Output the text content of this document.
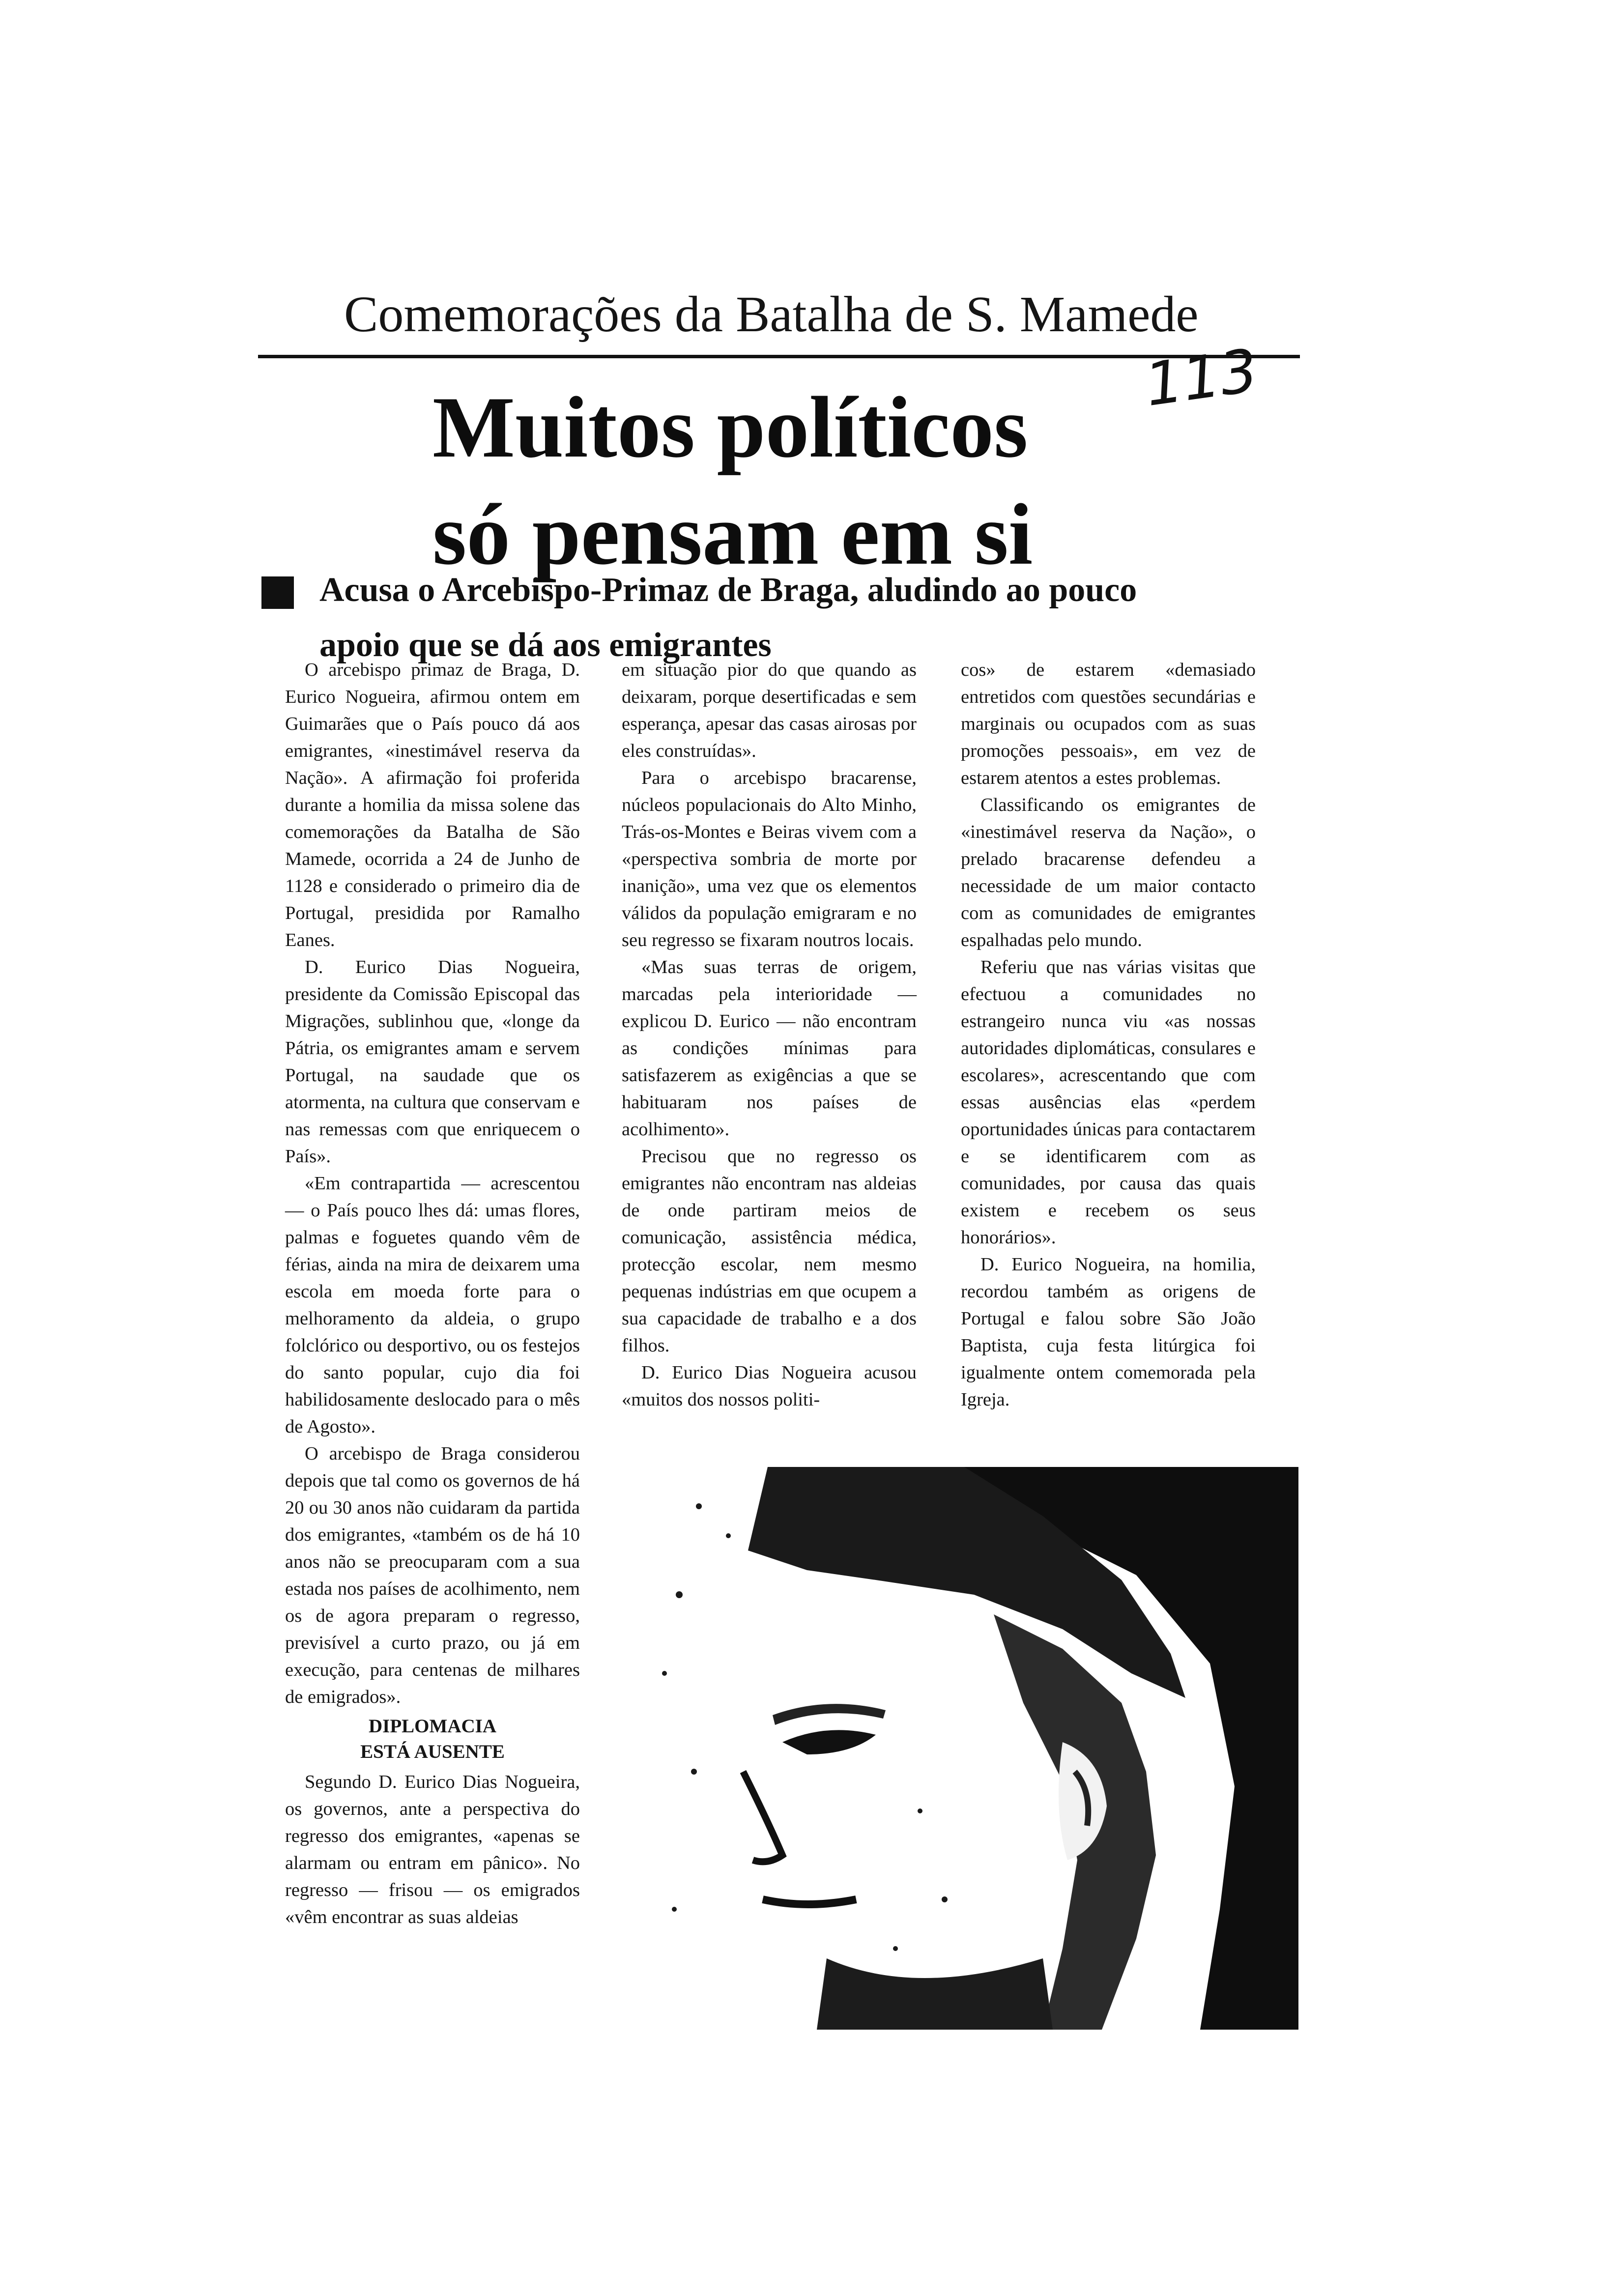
Comemorações da Batalha de S. Mamede
Muitos políticos
só pensam em si
113
Acusa o Arcebispo-Primaz de Braga, aludindo ao pouco
apoio que se dá aos emigrantes

O arcebispo primaz de Braga, D. Eurico Nogueira, afirmou ontem em Guimarães que o País pouco dá aos emigrantes, «inestimável reserva da Nação». A afirmação foi proferida durante a homilia da missa solene das comemorações da Batalha de São Mamede, ocorrida a 24 de Junho de 1128 e considerado o primeiro dia de Portugal, presidida por Ramalho Eanes.

D. Eurico Dias Nogueira, presidente da Comissão Episcopal das Migrações, sublinhou que, «longe da Pátria, os emigrantes amam e servem Portugal, na saudade que os atormenta, na cultura que conservam e nas remessas com que enriquecem o País».

«Em contrapartida — acrescentou — o País pouco lhes dá: umas flores, palmas e foguetes quando vêm de férias, ainda na mira de deixarem uma escola em moeda forte para o melhoramento da aldeia, o grupo folclórico ou desportivo, ou os festejos do santo popular, cujo dia foi habilidosamente deslocado para o mês de Agosto».

O arcebispo de Braga considerou depois que tal como os governos de há 20 ou 30 anos não cuidaram da partida dos emigrantes, «também os de há 10 anos não se preocuparam com a sua estada nos países de acolhimento, nem os de agora preparam o regresso, previsível a curto prazo, ou já em execução, para centenas de milhares de emigrados».

DIPLOMACIA
ESTÁ AUSENTE

Segundo D. Eurico Dias Nogueira, os governos, ante a perspectiva do regresso dos emigrantes, «apenas se alarmam ou entram em pânico». No regresso — frisou — os emigrados «vêm encontrar as suas aldeias

em situação pior do que quando as deixaram, porque desertificadas e sem esperança, apesar das casas airosas por eles construídas».

Para o arcebispo bracarense, núcleos populacionais do Alto Minho, Trás-os-Montes e Beiras vivem com a «perspectiva sombria de morte por inanição», uma vez que os elementos válidos da população emigraram e no seu regresso se fixaram noutros locais.

«Mas suas terras de origem, marcadas pela interioridade — explicou D. Eurico — não encontram as condições mínimas para satisfazerem as exigências a que se habituaram nos países de acolhimento».

Precisou que no regresso os emigrantes não encontram nas aldeias de onde partiram meios de comunicação, assistência médica, protecção escolar, nem mesmo pequenas indústrias em que ocupem a sua capacidade de trabalho e a dos filhos.

D. Eurico Dias Nogueira acusou «muitos dos nossos politi-

cos» de estarem «demasiado entretidos com questões secundárias e marginais ou ocupados com as suas promoções pessoais», em vez de estarem atentos a estes problemas.

Classificando os emigrantes de «inestimável reserva da Nação», o prelado bracarense defendeu a necessidade de um maior contacto com as comunidades de emigrantes espalhadas pelo mundo.

Referiu que nas várias visitas que efectuou a comunidades no estrangeiro nunca viu «as nossas autoridades diplomáticas, consulares e escolares», acrescentando que com essas ausências elas «perdem oportunidades únicas para contactarem e se identificarem com as comunidades, por causa das quais existem e recebem os seus honorários».

D. Eurico Nogueira, na homilia, recordou também as origens de Portugal e falou sobre São João Baptista, cuja festa litúrgica foi igualmente ontem comemorada pela Igreja.
